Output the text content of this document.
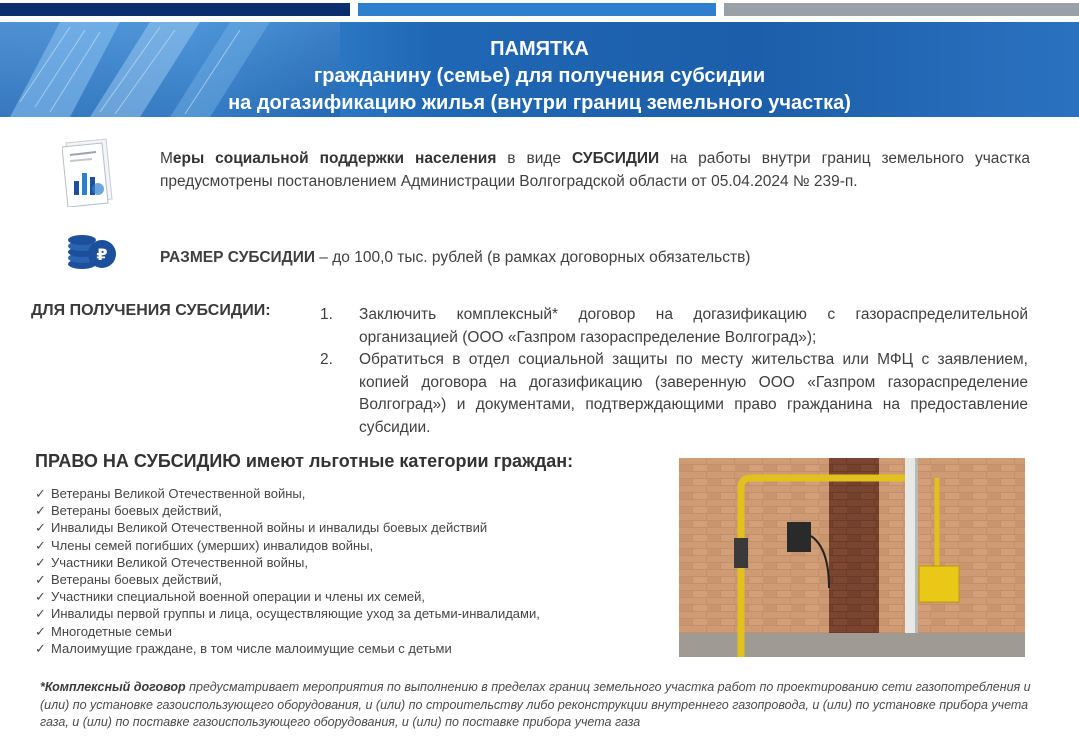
ПАМЯТКА
гражданину (семье) для получения субсидии
на догазификацию жилья (внутри границ земельного участка)
₽
Меры социальной поддержки населения в виде СУБСИДИИ на работы внутри границ земельного участка предусмотрены постановлением Администрации Волгоградской области от 05.04.2024 № 239-п.
РАЗМЕР СУБСИДИИ – до 100,0 тыс. рублей (в рамках договорных обязательств)
ДЛЯ ПОЛУЧЕНИЯ СУБСИДИИ:	1. Заключить комплексный* договор на догазификацию с газораспределительной организацией (ООО «Газпром газораспределение Волгоград»);
2. Обратиться в отдел социальной защиты по месту жительства или МФЦ с заявлением, копией договора на догазификацию (заверенную ООО «Газпром газораспределение Волгоград») и документами, подтверждающими право гражданина на предоставление субсидии.
ПРАВО НА СУБСИДИЮ имеют льготные категории граждан:
✓ Ветераны Великой Отечественной войны,
✓ Ветераны боевых действий,
✓ Инвалиды Великой Отечественной войны и инвалиды боевых действий
✓ Члены семей погибших (умерших) инвалидов войны,
✓ Участники Великой Отечественной войны,
✓ Ветераны боевых действий,
✓ Участники специальной военной операции и члены их семей,
✓ Инвалиды первой группы и лица, осуществляющие уход за детьми-инвалидами,
✓ Многодетные семьи
✓ Малоимущие граждане, в том числе малоимущие семьи с детьми
*Комплексный договор предусматривает мероприятия по выполнению в пределах границ земельного участка работ по проектированию сети газопотребления и (или) по установке газоиспользующего оборудования, и (или) по строительству либо реконструкции внутреннего газопровода, и (или) по установке прибора учета газа, и (или) по поставке газоиспользующего оборудования, и (или) по поставке прибора учета газа
